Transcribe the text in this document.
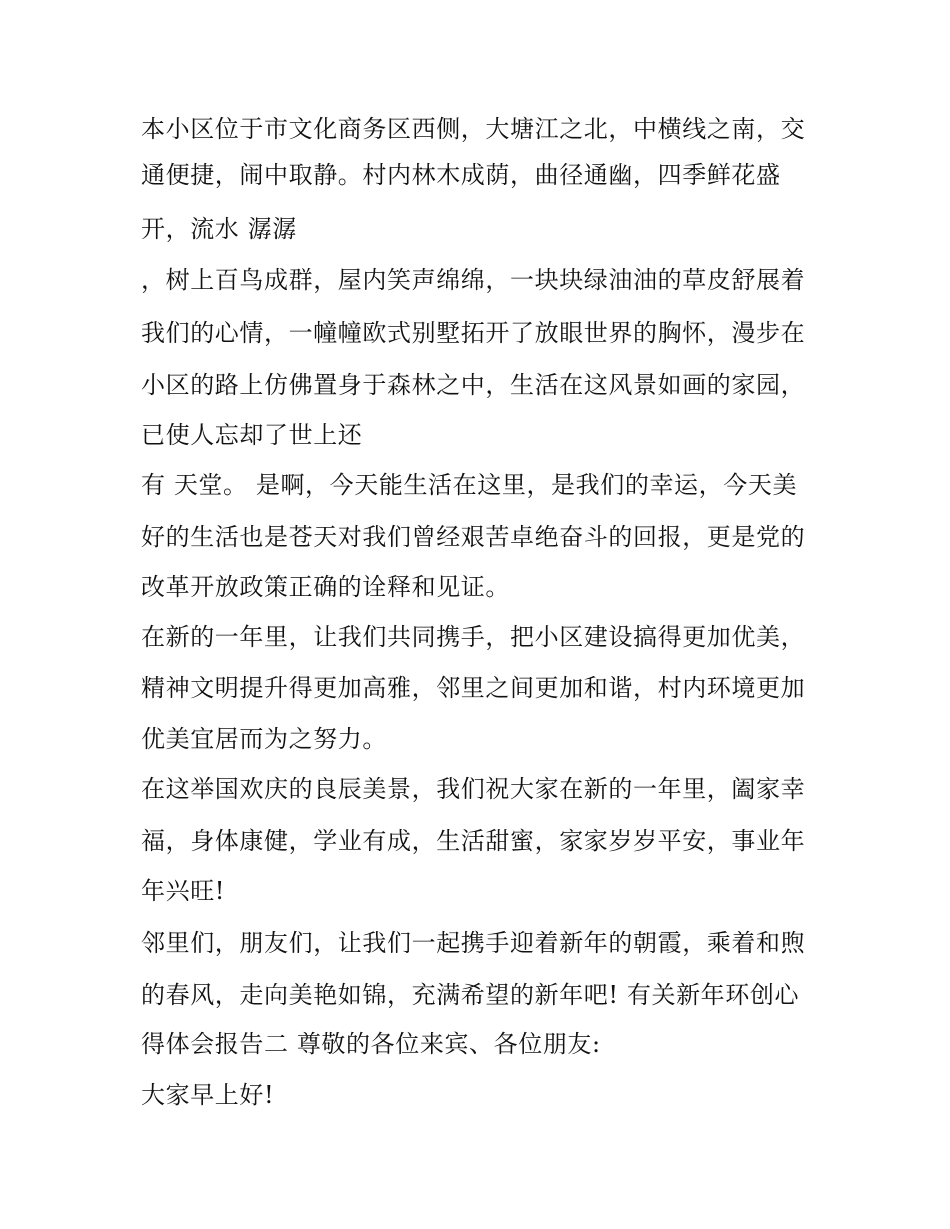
本小区位于市文化商务区西侧，大塘江之北，中横线之南，交
通便捷，闹中取静。村内林木成荫，曲径通幽，四季鲜花盛
开，流水 潺潺
，树上百鸟成群，屋内笑声绵绵，一块块绿油油的草皮舒展着
我们的心情，一幢幢欧式别墅拓开了放眼世界的胸怀，漫步在
小区的路上仿佛置身于森林之中，生活在这风景如画的家园，
已使人忘却了世上还
有 天堂。 是啊，今天能生活在这里，是我们的幸运，今天美
好的生活也是苍天对我们曾经艰苦卓绝奋斗的回报，更是党的
改革开放政策正确的诠释和见证。
在新的一年里，让我们共同携手，把小区建设搞得更加优美，
精神文明提升得更加高雅，邻里之间更加和谐，村内环境更加
优美宜居而为之努力。
在这举国欢庆的良辰美景，我们祝大家在新的一年里，阖家幸
福，身体康健，学业有成，生活甜蜜，家家岁岁平安，事业年
年兴旺!
邻里们，朋友们，让我们一起携手迎着新年的朝霞，乘着和煦
的春风，走向美艳如锦，充满希望的新年吧! 有关新年环创心
得体会报告二 尊敬的各位来宾、各位朋友:
大家早上好!
